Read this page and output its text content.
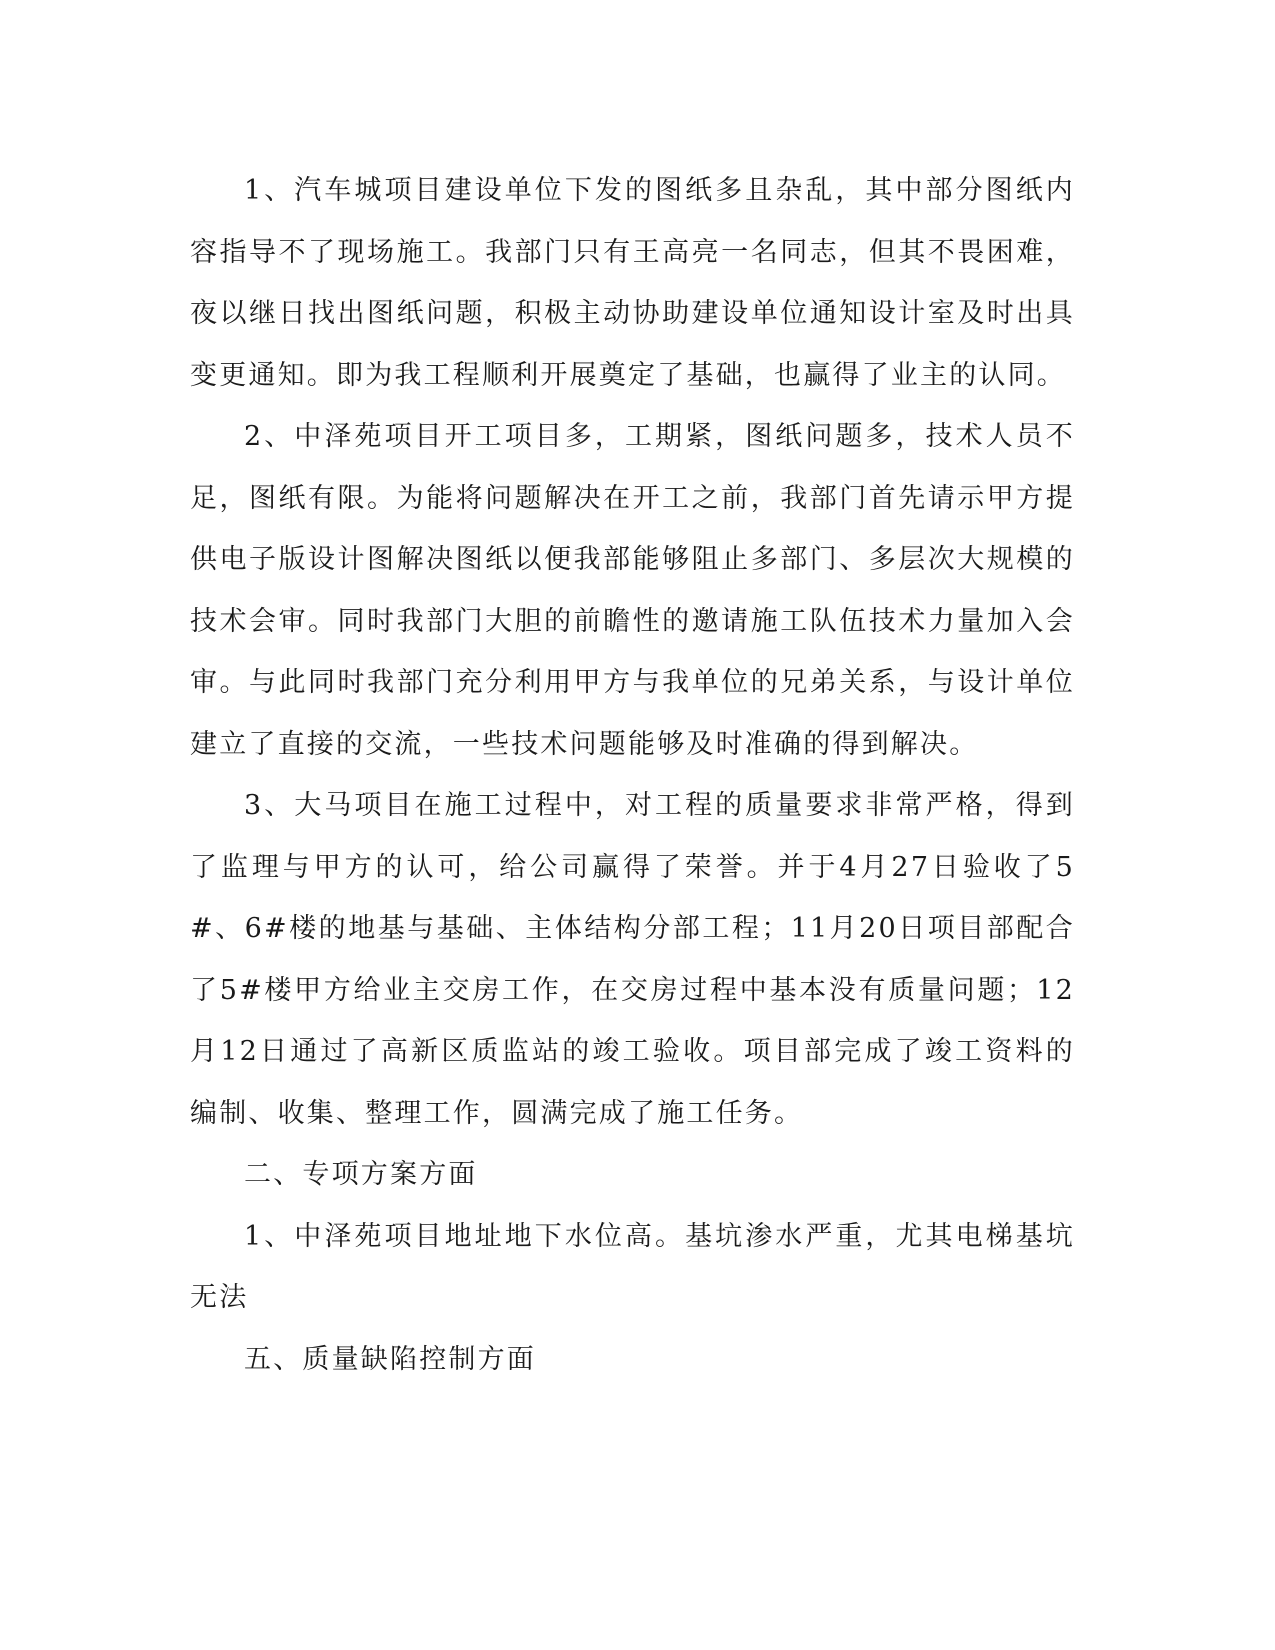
1、汽车城项目建设单位下发的图纸多且杂乱，其中部分图纸内容指导不了现场施工。我部门只有王高亮一名同志，但其不畏困难，夜以继日找出图纸问题，积极主动协助建设单位通知设计室及时出具变更通知。即为我工程顺利开展奠定了基础，也赢得了业主的认同。

2、中泽苑项目开工项目多，工期紧，图纸问题多，技术人员不足，图纸有限。为能将问题解决在开工之前，我部门首先请示甲方提供电子版设计图解决图纸以便我部能够阻止多部门、多层次大规模的技术会审。同时我部门大胆的前瞻性的邀请施工队伍技术力量加入会审。与此同时我部门充分利用甲方与我单位的兄弟关系，与设计单位建立了直接的交流，一些技术问题能够及时准确的得到解决。

3、大马项目在施工过程中，对工程的质量要求非常严格，得到了监理与甲方的认可，给公司赢得了荣誉。并于4月27日验收了5#、6#楼的地基与基础、主体结构分部工程；11月20日项目部配合了5#楼甲方给业主交房工作，在交房过程中基本没有质量问题；12月12日通过了高新区质监站的竣工验收。项目部完成了竣工资料的编制、收集、整理工作，圆满完成了施工任务。

二、专项方案方面

1、中泽苑项目地址地下水位高。基坑渗水严重，尤其电梯基坑无法

五、质量缺陷控制方面
